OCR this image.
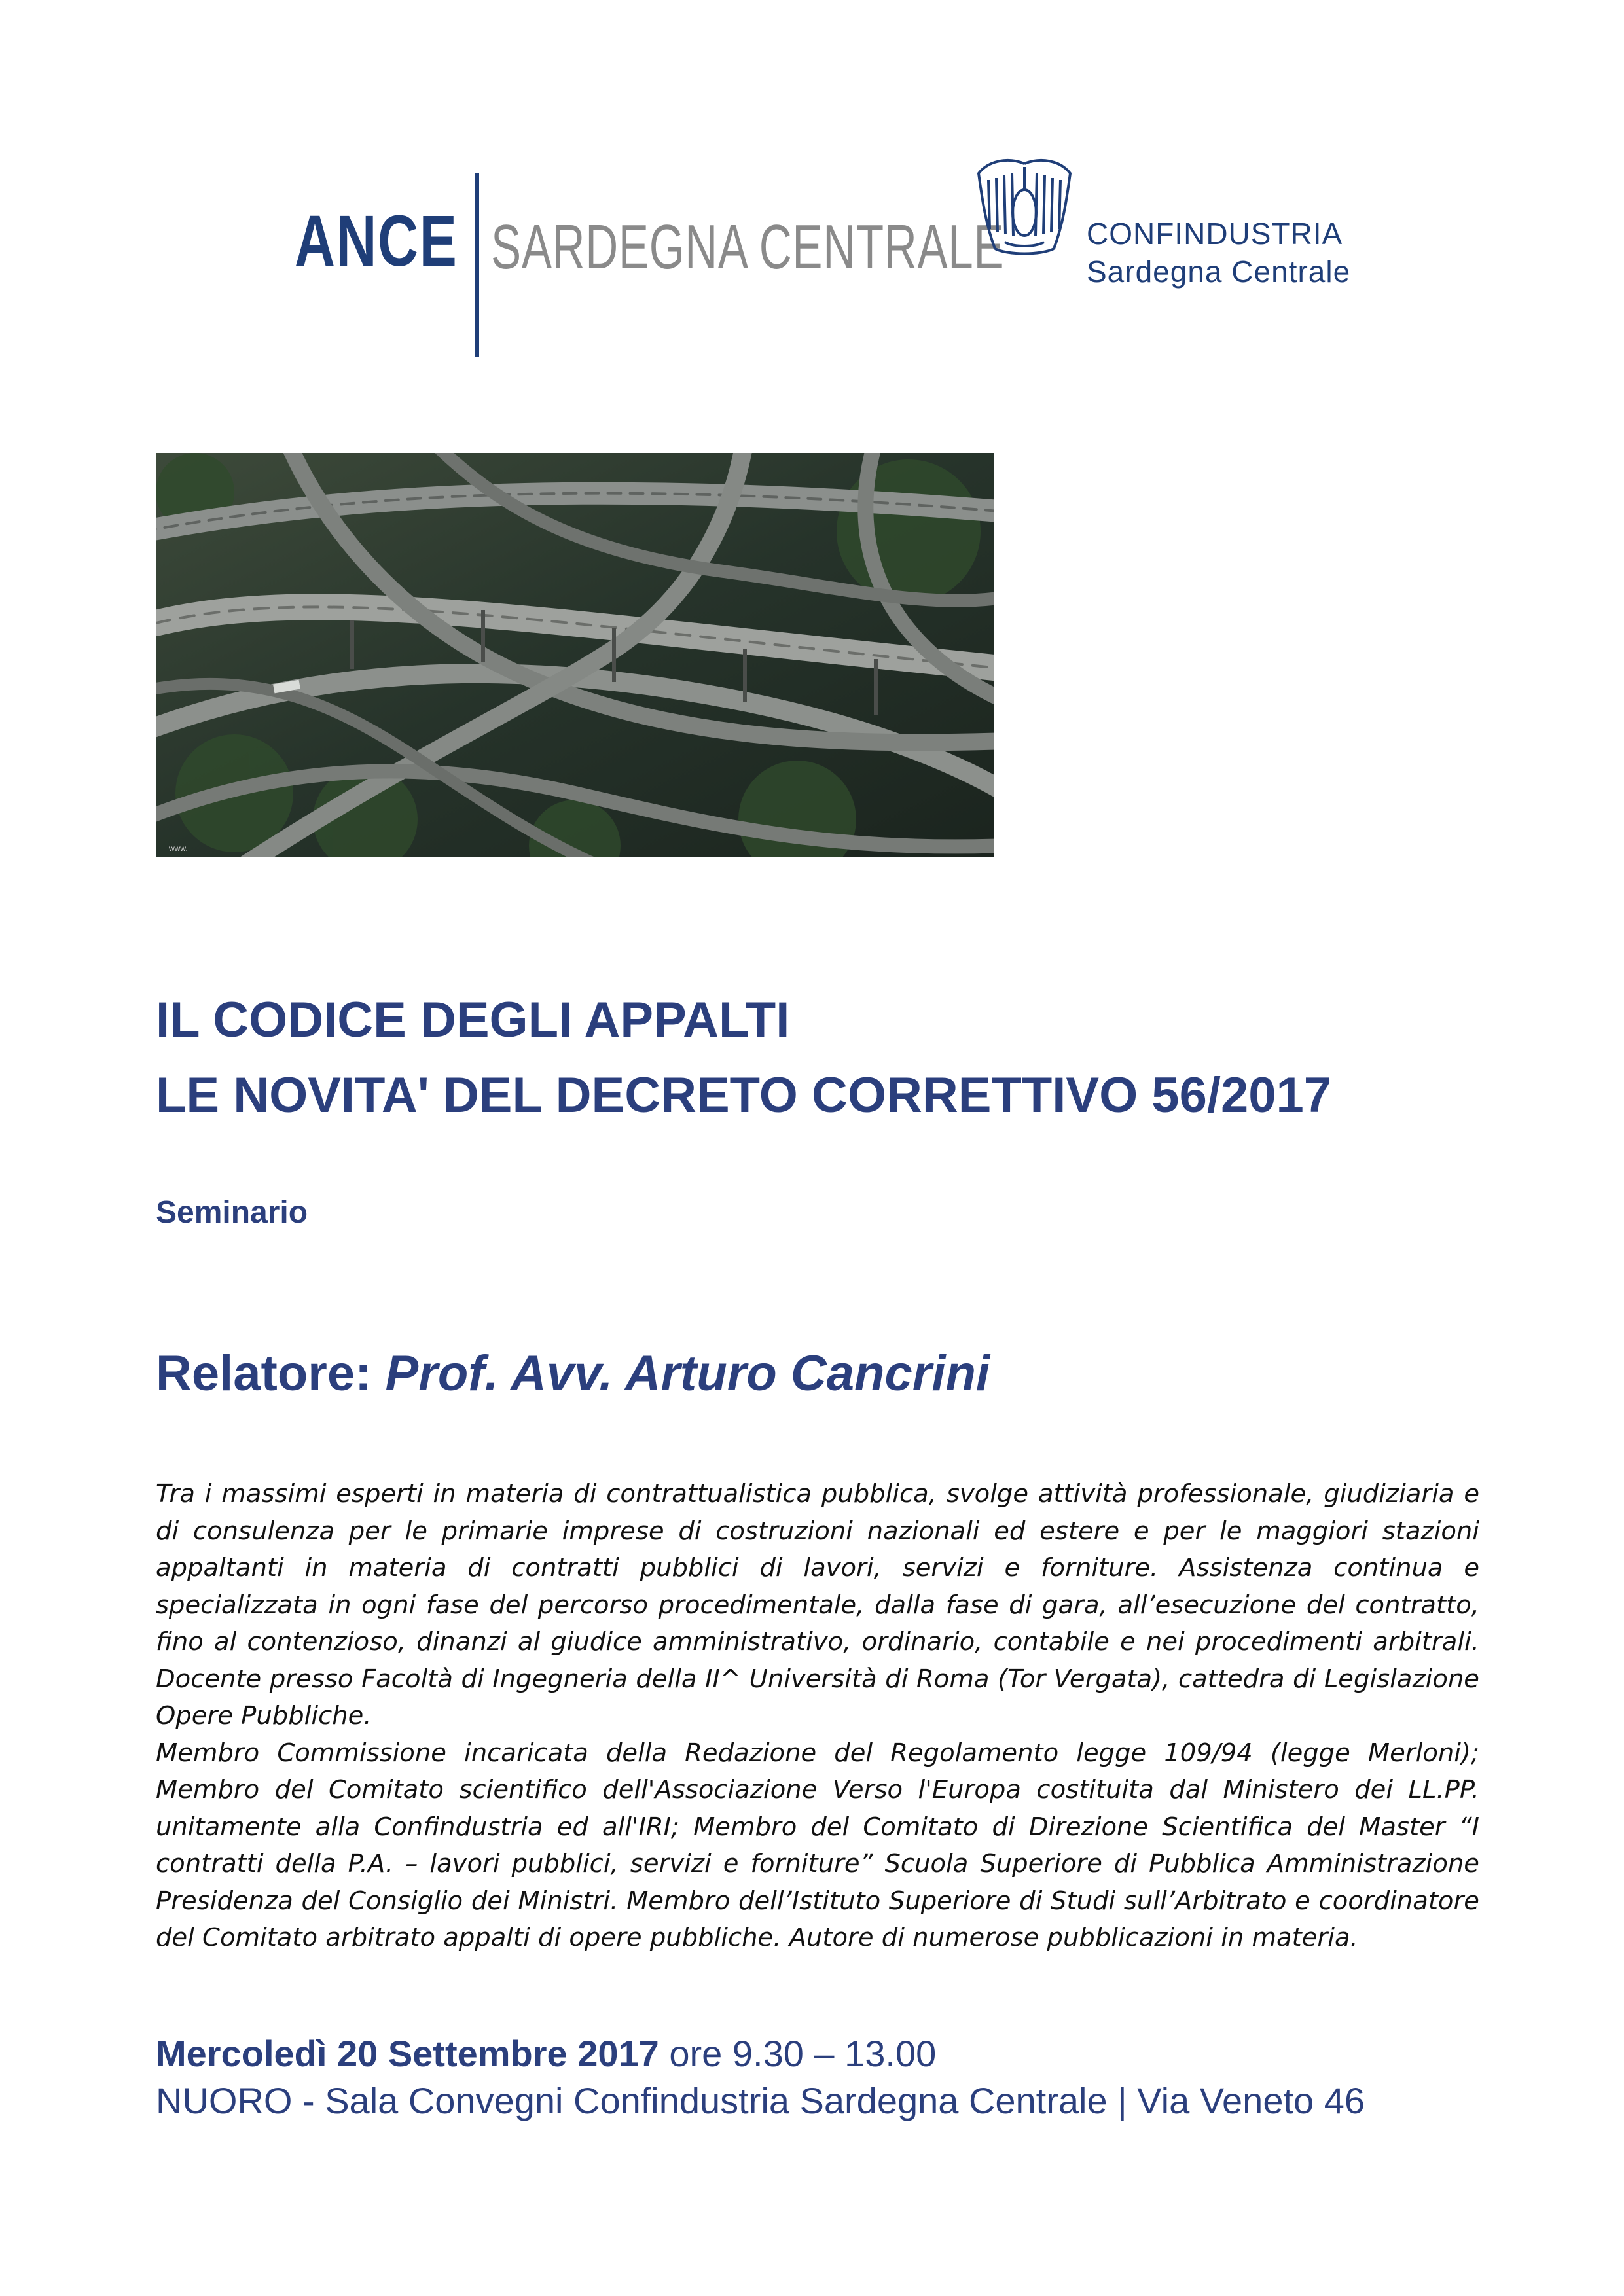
ANCE SARDEGNA CENTRALE	CONFINDUSTRIA
Sardegna Centrale
www.
IL CODICE DEGLI APPALTI
LE NOVITA' DEL DECRETO CORRETTIVO 56/2017
Seminario
Relatore: Prof. Avv. Arturo Cancrini

Tra i massimi esperti in materia di contrattualistica pubblica, svolge attività professionale, giudiziaria e di consulenza per le primarie imprese di costruzioni nazionali ed estere e per le maggiori stazioni appaltanti in materia di contratti pubblici di lavori, servizi e forniture. Assistenza continua e specializzata in ogni fase del percorso procedimentale, dalla fase di gara, all’esecuzione del contratto, fino al contenzioso, dinanzi al giudice amministrativo, ordinario, contabile e nei procedimenti arbitrali. Docente presso Facoltà di Ingegneria della II^ Università di Roma (Tor Vergata), cattedra di Legislazione Opere Pubbliche.

Membro Commissione incaricata della Redazione del Regolamento legge 109/94 (legge Merloni); Membro del Comitato scientifico dell'Associazione Verso l'Europa costituita dal Ministero dei LL.PP. unitamente alla Confindustria ed all'IRI; Membro del Comitato di Direzione Scientifica del Master “I contratti della P.A. – lavori pubblici, servizi e forniture” Scuola Superiore di Pubblica Amministrazione Presidenza del Consiglio dei Ministri. Membro dell’Istituto Superiore di Studi sull’Arbitrato e coordinatore del Comitato arbitrato appalti di opere pubbliche. Autore di numerose pubblicazioni in materia.

Mercoledì 20 Settembre 2017 ore 9.30 – 13.00
NUORO - Sala Convegni Confindustria Sardegna Centrale | Via Veneto 46
